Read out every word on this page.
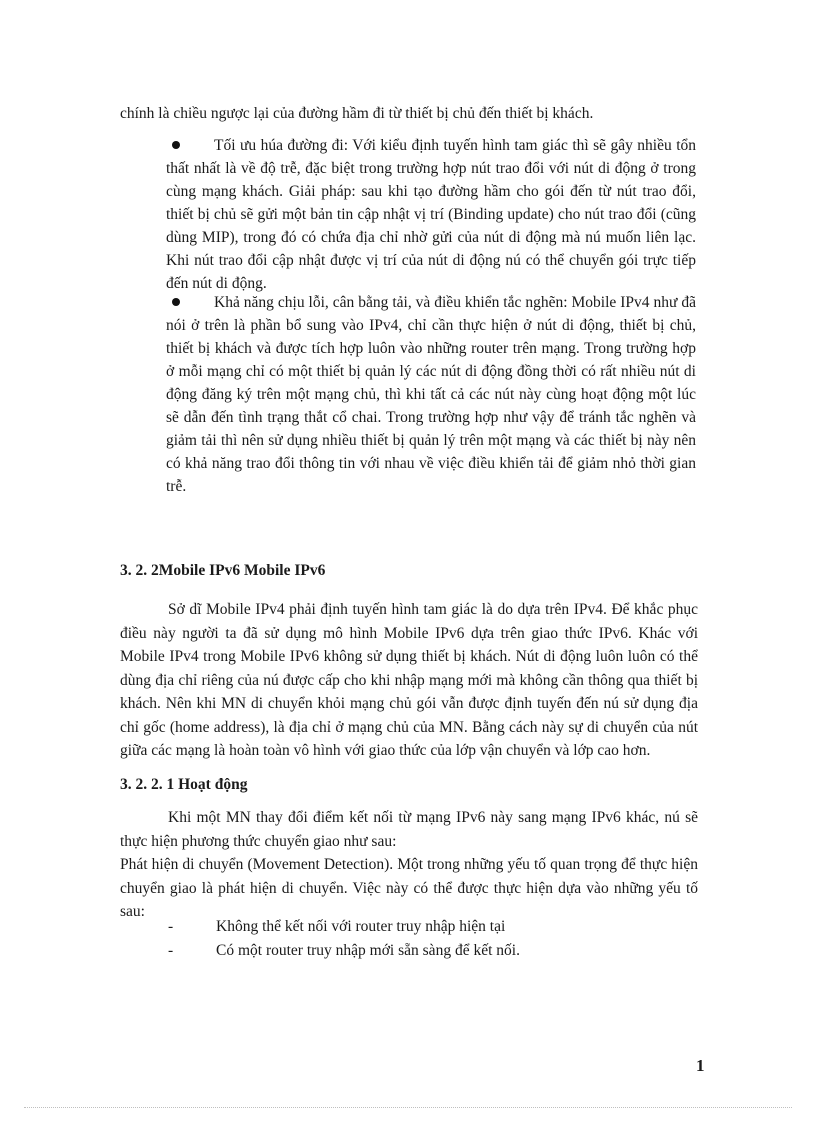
chính là chiều ngược lại của đường hầm đi từ thiết bị chủ đến thiết bị khách.

Tối ưu húa đường đi: Với kiểu định tuyến hình tam giác thì sẽ gây nhiều tổn thất nhất là về độ trễ, đặc biệt trong trường hợp nút trao đổi với nút di động ở trong cùng mạng khách. Giải pháp: sau khi tạo đường hầm cho gói đến từ nút trao đổi, thiết bị chủ sẽ gửi một bản tin cập nhật vị trí (Binding update) cho nút trao đổi (cũng dùng MIP), trong đó có chứa địa chỉ nhờ gửi của nút di động mà nú muốn liên lạc. Khi nút trao đổi cập nhật được vị trí của nút di động nú có thể chuyển gói trực tiếp đến nút di động.

Khả năng chịu lỗi, cân bằng tải, và điều khiển tắc nghẽn: Mobile IPv4 như đã nói ở trên là phần bổ sung vào IPv4, chỉ cần thực hiện ở nút di động, thiết bị chủ, thiết bị khách và được tích hợp luôn vào những router trên mạng. Trong trường hợp ở mỗi mạng chỉ có một thiết bị quản lý các nút di động đồng thời có rất nhiều nút di động đăng ký trên một mạng chủ, thì khi tất cả các nút này cùng hoạt động một lúc sẽ dẫn đến tình trạng thắt cổ chai. Trong trường hợp như vậy để tránh tắc nghẽn và giảm tải thì nên sử dụng nhiều thiết bị quản lý trên một mạng và các thiết bị này nên có khả năng trao đổi thông tin với nhau về việc điều khiển tải để giảm nhỏ thời gian trễ.

3. 2. 2Mobile IPv6 Mobile IPv6

Sở dĩ Mobile IPv4 phải định tuyến hình tam giác là do dựa trên IPv4. Để khắc phục điều này người ta đã sử dụng mô hình Mobile IPv6 dựa trên giao thức IPv6. Khác với Mobile IPv4 trong Mobile IPv6 không sử dụng thiết bị khách. Nút di động luôn luôn có thể dùng địa chỉ riêng của nú được cấp cho khi nhập mạng mới mà không cần thông qua thiết bị khách. Nên khi MN di chuyển khỏi mạng chủ gói vẫn được định tuyến đến nú sử dụng địa chỉ gốc (home address), là địa chỉ ở mạng chủ của MN. Bằng cách này sự di chuyển của nút giữa các mạng là hoàn toàn vô hình với giao thức của lớp vận chuyển và lớp cao hơn.

3. 2. 2. 1 Hoạt động

Khi một MN thay đổi điểm kết nối từ mạng IPv6 này sang mạng IPv6 khác, nú sẽ thực hiện phương thức chuyển giao như sau:

Phát hiện di chuyển (Movement Detection). Một trong những yếu tố quan trọng để thực hiện chuyển giao là phát hiện di chuyển. Việc này có thể được thực hiện dựa vào những yếu tố sau:

-	Không thể kết nối với router truy nhập hiện tại
-	Có một router truy nhập mới sẵn sàng để kết nối.

1
